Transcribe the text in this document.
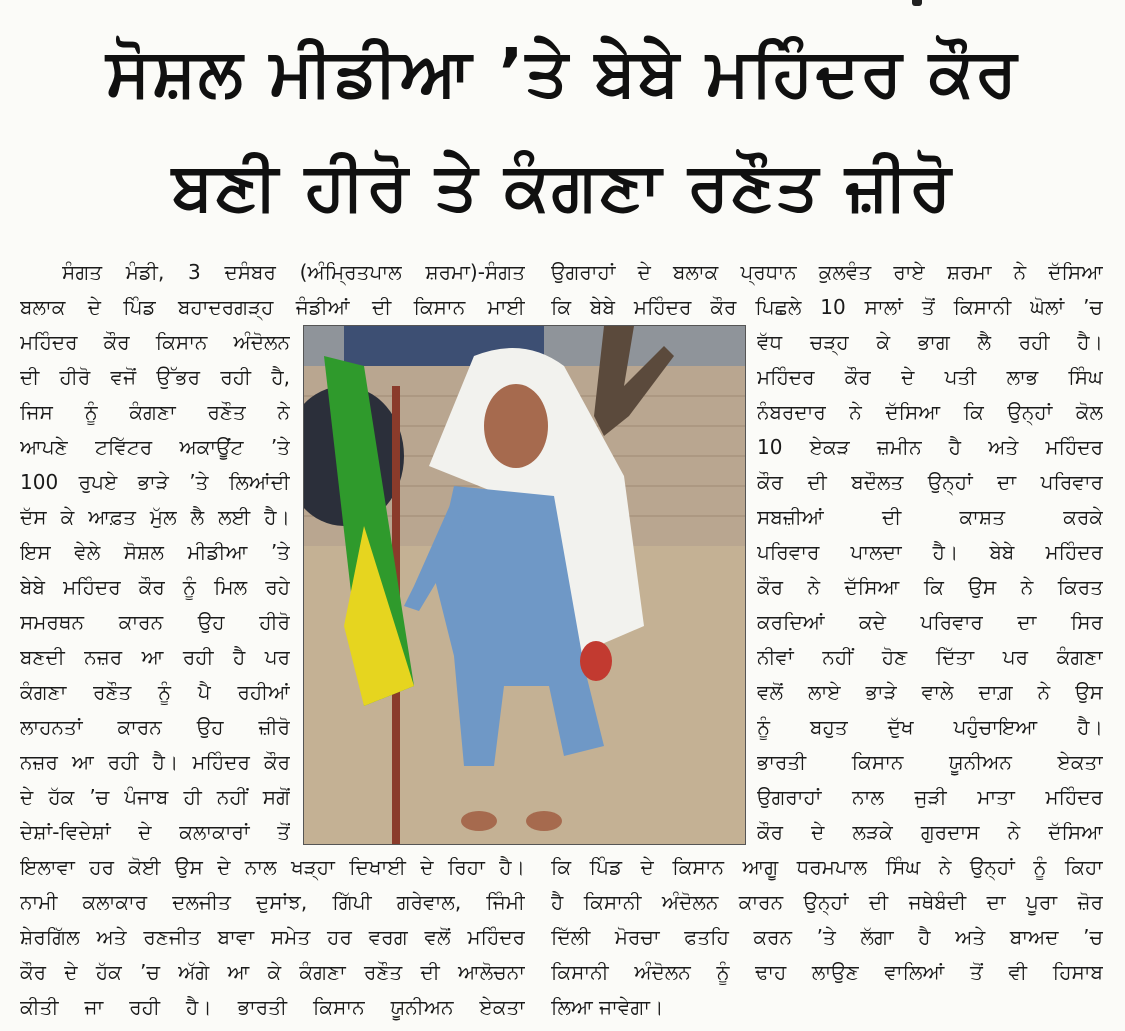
ਸੋਸ਼ਲ ਮੀਡੀਆ ’ਤੇ ਬੇਬੇ ਮਹਿੰਦਰ ਕੌਰ
ਬਣੀ ਹੀਰੋ ਤੇ ਕੰਗਣਾ ਰਣੌਤ ਜ਼ੀਰੋ
ਸੰਗਤ ਮੰਡੀ, 3 ਦਸੰਬਰ (ਅੰਮ੍ਰਿਤਪਾਲ ਸ਼ਰਮਾ)-ਸੰਗਤ
ਬਲਾਕ ਦੇ ਪਿੰਡ ਬਹਾਦਰਗੜ੍ਹ ਜੰਡੀਆਂ ਦੀ ਕਿਸਾਨ ਮਾਈ
ਉਗਰਾਹਾਂ ਦੇ ਬਲਾਕ ਪ੍ਰਧਾਨ ਕੁਲਵੰਤ ਰਾਏ ਸ਼ਰਮਾ ਨੇ ਦੱਸਿਆ
ਕਿ ਬੇਬੇ ਮਹਿੰਦਰ ਕੌਰ ਪਿਛਲੇ 10 ਸਾਲਾਂ ਤੋਂ ਕਿਸਾਨੀ ਘੋਲਾਂ ’ਚ
ਮਹਿੰਦਰ ਕੌਰ ਕਿਸਾਨ ਅੰਦੋਲਨ
ਦੀ ਹੀਰੋ ਵਜੋਂ ਉੱਭਰ ਰਹੀ ਹੈ,
ਜਿਸ ਨੂੰ ਕੰਗਣਾ ਰਣੌਤ ਨੇ
ਆਪਣੇ ਟਵਿੱਟਰ ਅਕਾਊਂਟ ’ਤੇ
100 ਰੁਪਏ ਭਾੜੇ ’ਤੇ ਲਿਆਂਦੀ
ਦੱਸ ਕੇ ਆਫ਼ਤ ਮੁੱਲ ਲੈ ਲਈ ਹੈ।
ਇਸ ਵੇਲੇ ਸੋਸ਼ਲ ਮੀਡੀਆ ’ਤੇ
ਬੇਬੇ ਮਹਿੰਦਰ ਕੌਰ ਨੂੰ ਮਿਲ ਰਹੇ
ਸਮਰਥਨ ਕਾਰਨ ਉਹ ਹੀਰੋ
ਬਣਦੀ ਨਜ਼ਰ ਆ ਰਹੀ ਹੈ ਪਰ
ਕੰਗਣਾ ਰਣੌਤ ਨੂੰ ਪੈ ਰਹੀਆਂ
ਲਾਹਨਤਾਂ ਕਾਰਨ ਉਹ ਜ਼ੀਰੋ
ਨਜ਼ਰ ਆ ਰਹੀ ਹੈ। ਮਹਿੰਦਰ ਕੌਰ
ਦੇ ਹੱਕ ’ਚ ਪੰਜਾਬ ਹੀ ਨਹੀਂ ਸਗੋਂ
ਦੇਸ਼ਾਂ-ਵਿਦੇਸ਼ਾਂ ਦੇ ਕਲਾਕਾਰਾਂ ਤੋਂ
ਵੱਧ ਚੜ੍ਹ ਕੇ ਭਾਗ ਲੈ ਰਹੀ ਹੈ।
ਮਹਿੰਦਰ ਕੌਰ ਦੇ ਪਤੀ ਲਾਭ ਸਿੰਘ
ਨੰਬਰਦਾਰ ਨੇ ਦੱਸਿਆ ਕਿ ਉਨ੍ਹਾਂ ਕੋਲ
10 ਏਕੜ ਜ਼ਮੀਨ ਹੈ ਅਤੇ ਮਹਿੰਦਰ
ਕੌਰ ਦੀ ਬਦੌਲਤ ਉਨ੍ਹਾਂ ਦਾ ਪਰਿਵਾਰ
ਸਬਜ਼ੀਆਂ ਦੀ ਕਾਸ਼ਤ ਕਰਕੇ
ਪਰਿਵਾਰ ਪਾਲਦਾ ਹੈ। ਬੇਬੇ ਮਹਿੰਦਰ
ਕੌਰ ਨੇ ਦੱਸਿਆ ਕਿ ਉਸ ਨੇ ਕਿਰਤ
ਕਰਦਿਆਂ ਕਦੇ ਪਰਿਵਾਰ ਦਾ ਸਿਰ
ਨੀਵਾਂ ਨਹੀਂ ਹੋਣ ਦਿੱਤਾ ਪਰ ਕੰਗਣਾ
ਵਲੋਂ ਲਾਏ ਭਾੜੇ ਵਾਲੇ ਦਾਗ਼ ਨੇ ਉਸ
ਨੂੰ ਬਹੁਤ ਦੁੱਖ ਪਹੁੰਚਾਇਆ ਹੈ।
ਭਾਰਤੀ ਕਿਸਾਨ ਯੂਨੀਅਨ ਏਕਤਾ
ਉਗਰਾਹਾਂ ਨਾਲ ਜੁੜੀ ਮਾਤਾ ਮਹਿੰਦਰ
ਕੌਰ ਦੇ ਲੜਕੇ ਗੁਰਦਾਸ ਨੇ ਦੱਸਿਆ
ਇਲਾਵਾ ਹਰ ਕੋਈ ਉਸ ਦੇ ਨਾਲ ਖੜ੍ਹਾ ਦਿਖਾਈ ਦੇ ਰਿਹਾ ਹੈ।
ਨਾਮੀ ਕਲਾਕਾਰ ਦਲਜੀਤ ਦੁਸਾਂਝ, ਗਿੱਪੀ ਗਰੇਵਾਲ, ਜਿੰਮੀ
ਸ਼ੇਰਗਿੱਲ ਅਤੇ ਰਣਜੀਤ ਬਾਵਾ ਸਮੇਤ ਹਰ ਵਰਗ ਵਲੋਂ ਮਹਿੰਦਰ
ਕੌਰ ਦੇ ਹੱਕ ’ਚ ਅੱਗੇ ਆ ਕੇ ਕੰਗਣਾ ਰਣੌਤ ਦੀ ਆਲੋਚਨਾ
ਕੀਤੀ ਜਾ ਰਹੀ ਹੈ। ਭਾਰਤੀ ਕਿਸਾਨ ਯੂਨੀਅਨ ਏਕਤਾ
ਕਿ ਪਿੰਡ ਦੇ ਕਿਸਾਨ ਆਗੂ ਧਰਮਪਾਲ ਸਿੰਘ ਨੇ ਉਨ੍ਹਾਂ ਨੂੰ ਕਿਹਾ
ਹੈ ਕਿਸਾਨੀ ਅੰਦੋਲਨ ਕਾਰਨ ਉਨ੍ਹਾਂ ਦੀ ਜਥੇਬੰਦੀ ਦਾ ਪੂਰਾ ਜ਼ੋਰ
ਦਿੱਲੀ ਮੋਰਚਾ ਫਤਹਿ ਕਰਨ ’ਤੇ ਲੱਗਾ ਹੈ ਅਤੇ ਬਾਅਦ ’ਚ
ਕਿਸਾਨੀ ਅੰਦੋਲਨ ਨੂੰ ਢਾਹ ਲਾਉਣ ਵਾਲਿਆਂ ਤੋਂ ਵੀ ਹਿਸਾਬ
ਲਿਆ ਜਾਵੇਗਾ।
